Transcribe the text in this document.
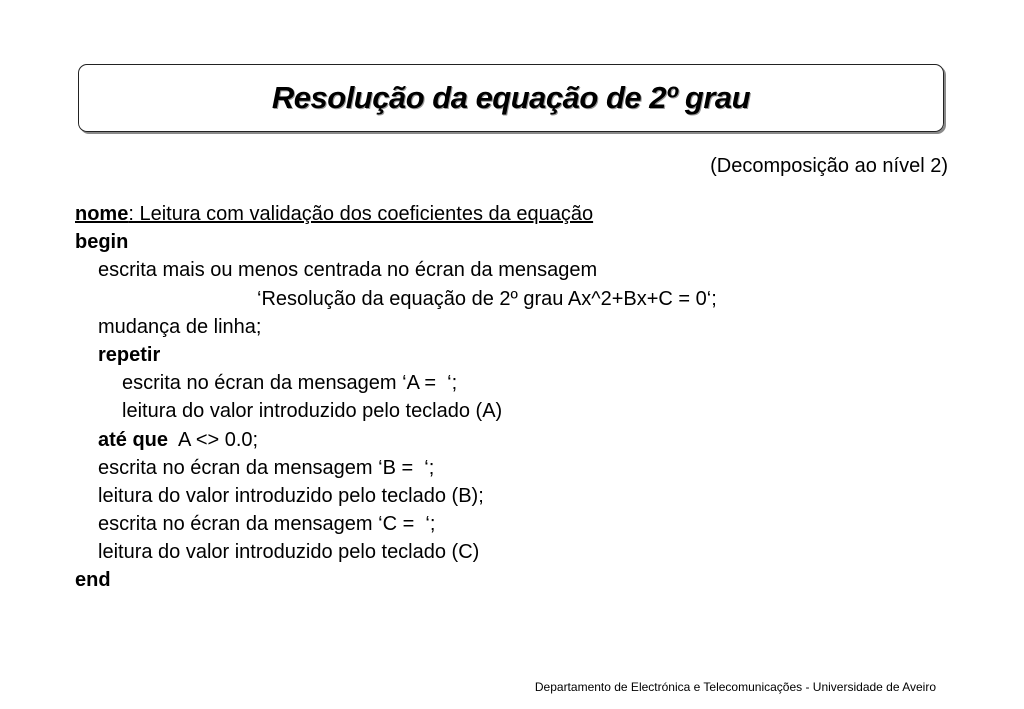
Resolução da equação de 2º grau
(Decomposição ao nível 2)
nome: Leitura com validação dos coeficientes da equação
begin
escrita mais ou menos centrada no écran da mensagem
‘Resolução da equação de 2º grau Ax^2+Bx+C = 0‘;
mudança de linha;
repetir
escrita no écran da mensagem ‘A =  ‘;
leitura do valor introduzido pelo teclado (A)
até que  A <> 0.0;
escrita no écran da mensagem ‘B =  ‘;
leitura do valor introduzido pelo teclado (B);
escrita no écran da mensagem ‘C =  ‘;
leitura do valor introduzido pelo teclado (C)
end
Departamento de Electrónica e Telecomunicações - Universidade de Aveiro
